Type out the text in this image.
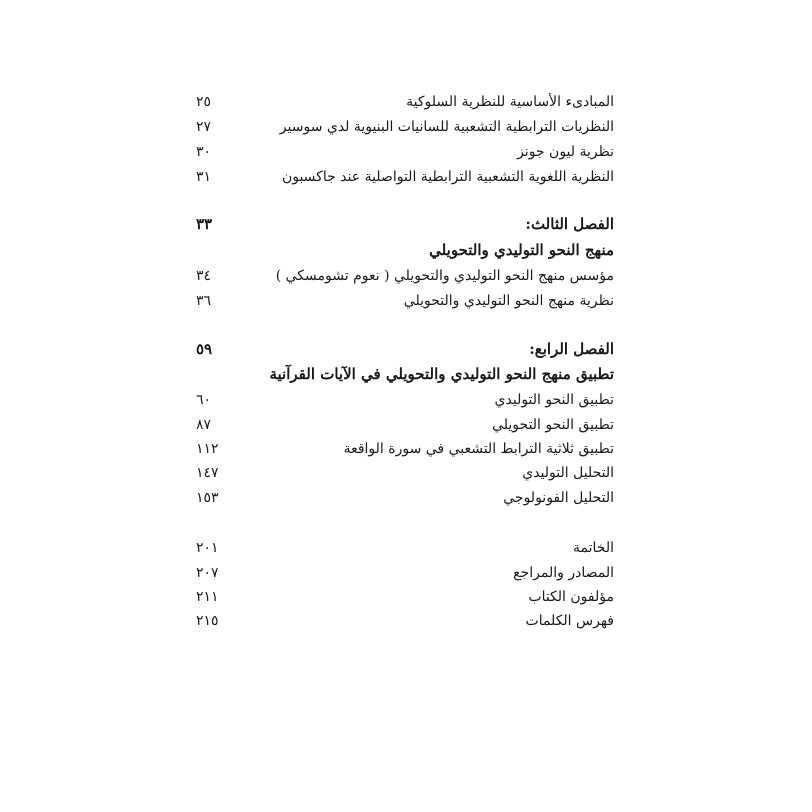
المبادىء الأساسية للنظرية السلوكية
٢٥
النظريات الترابطية التشعبية للسانيات البنيوية لدي سوسير
٢٧
نظرية ليون جونز
٣٠
النظرية اللغوية التشعبية الترابطية التواصلية عند جاكسبون
٣١
الفصل الثالث:
٣٣
منهج النحو التوليدي والتحويلي
مؤسس منهج النحو التوليدي والتحويلي ( نعوم تشومسكي )
٣٤
نظرية منهج النحو التوليدي والتحويلي
٣٦
الفصل الرابع:
٥٩
تطبيق منهج النحو التوليدي والتحويلي في الآيات القرآنية
تطبيق النحو التوليدي
٦٠
تطبيق النحو التحويلي
٨٧
تطبيق ثلاثية الترابط التشعبي في سورة الواقعة
١١٢
التحليل التوليدي
١٤٧
التحليل الفونولوجي
١٥٣
الخاتمة
٢٠١
المصادر والمراجع
٢٠٧
مؤلفون الكتاب
٢١١
فهرس الكلمات
٢١٥
